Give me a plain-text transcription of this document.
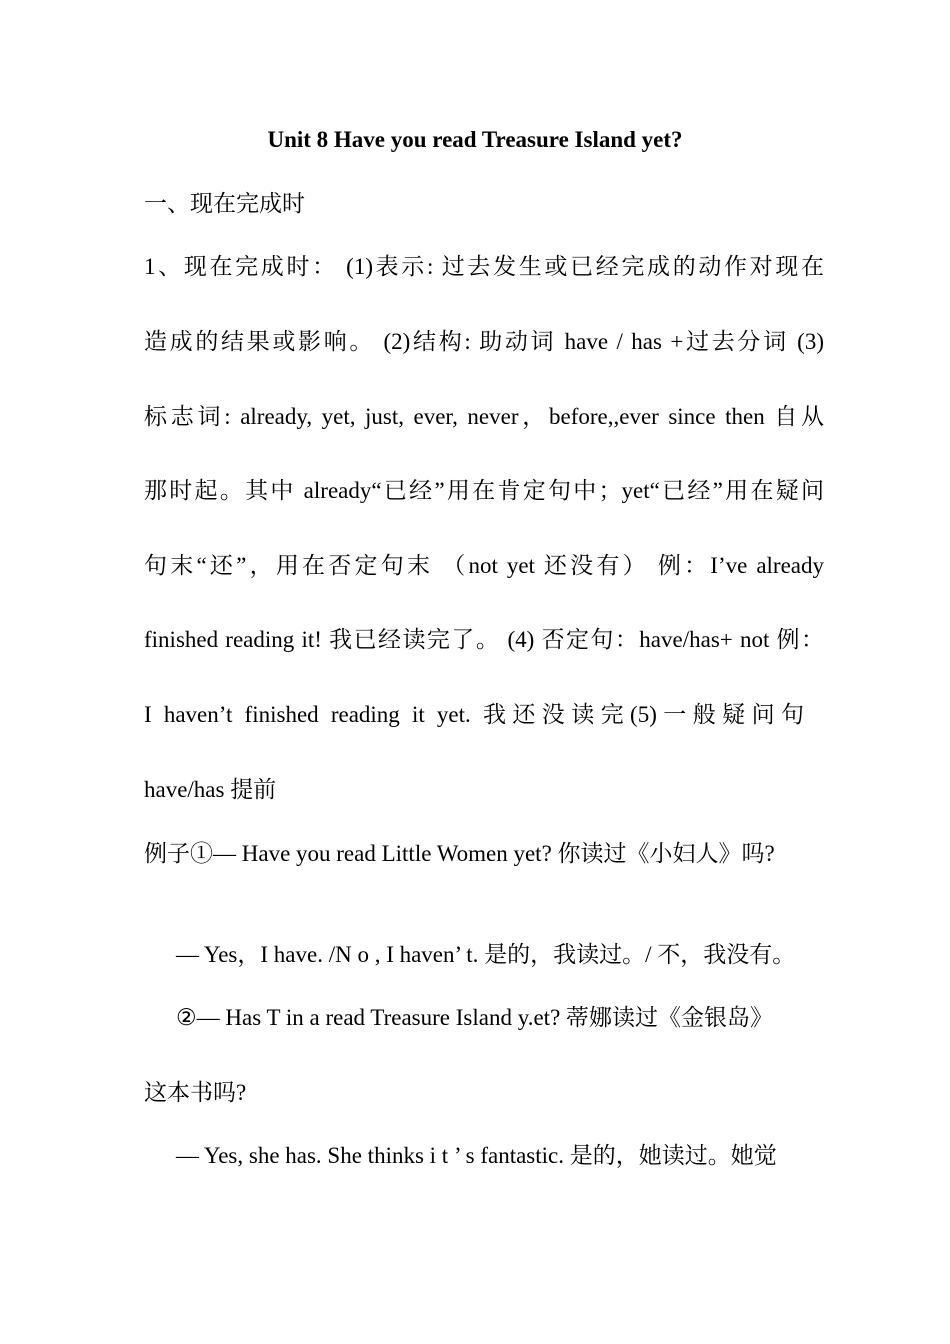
Unit 8 Have you read Treasure Island yet?
一、现在完成时
1、现在完成时： (1)表示: 过去发生或已经完成的动作对现在
造成的结果或影响。 (2)结构: 助动词 have / has +过去分词 (3)
标志词: already, yet, just, ever, never，before,,ever since then 自从
那时起。其中 already“已经”用在肯定句中；yet“已经”用在疑问
句末“还”，用在否定句末 （not yet 还没有） 例：I’ve already
finished reading it! 我已经读完了。 (4) 否定句：have/has+ not 例：
I haven’t finished reading it yet. 我还没读完(5)一般疑问句
have/has 提前
例子①— Have you read Little Women yet? 你读过《小妇人》吗?
— Yes，I have. /N o , I haven’ t. 是的，我读过。/ 不，我没有。
②— Has T in a read Treasure Island y.et? 蒂娜读过《金银岛》
这本书吗?
— Yes, she has. She thinks i t ’ s fantastic. 是的，她读过。她觉
